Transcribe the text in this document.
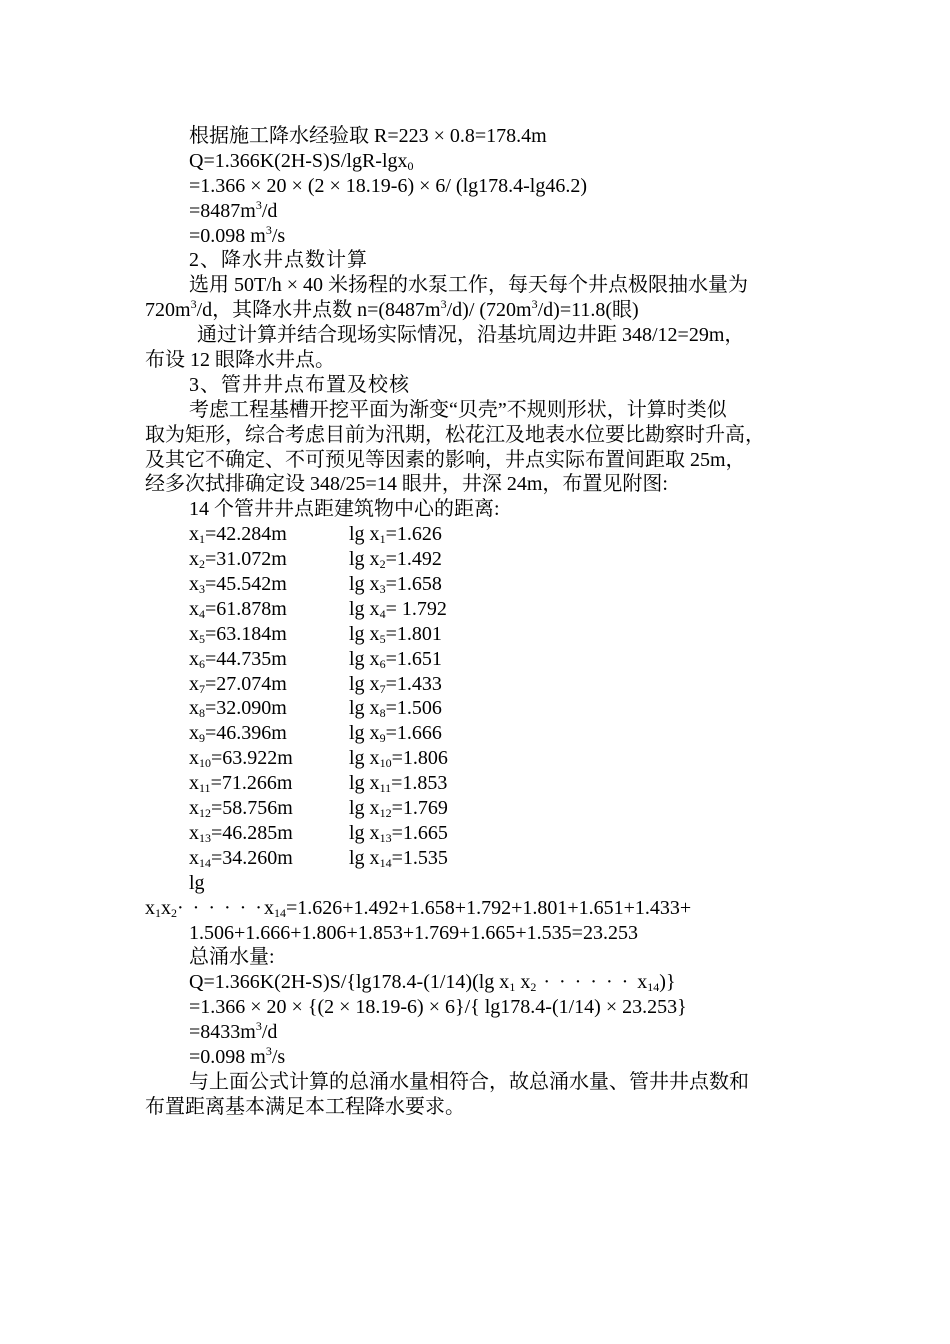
根据施工降水经验取 R=223 × 0.8=178.4m
Q=1.366K(2H-S)S/lgR-lgx$_0$
=1.366 × 20 × (2 × 18.19-6) × 6/ (lg178.4-lg46.2)
$=8487m^3/d$
=0.098 $m^3/s$
2、降水井点数计算
选用 50T/h × 40 米扬程的水泵工作，每天每个井点极限抽水量为
$720m^3/d$，其降水井点数 $n=(8487m^3/d)/$ $(720m^3/d)=11.8$(眼)
通过计算并结合现场实际情况，沿基坑周边井距 348/12=29m，
布设 12 眼降水井点。
3、管井井点布置及校核
考虑工程基槽开挖平面为渐变“贝壳”不规则形状，计算时类似
取为矩形，综合考虑目前为汛期，松花江及地表水位要比勘察时升高，
及其它不确定、不可预见等因素的影响，井点实际布置间距取 25m，
经多次拭排确定设 348/25=14 眼井，井深 24m，布置见附图:
14 个管井井点距建筑物中心的距离:
$x_1=42.284m$	$\lg x_1=1.626$
$x_2=31.072m$	$\lg x_2=1.492$
$x_3=45.542m$	$\lg x_3=1.658$
$x_4=61.878m$	$\lg x_4= 1.792$
$x_5=63.184m$	$\lg x_5=1.801$
$x_6=44.735m$	$\lg x_6=1.651$
$x_7=27.074m$	$\lg x_7=1.433$
$x_8=32.090m$	$\lg x_8=1.506$
$x_9=46.396m$	$\lg x_9=1.666$
$x_{10}=63.922m$	$\lg x_{10}=1.806$
$x_{11}=71.266m$	$\lg x_{11}=1.853$
$x_{12}=58.756m$	$\lg x_{12}=1.769$
$x_{13}=46.285m$	$\lg x_{13}=1.665$
$x_{14}=34.260m$	$\lg x_{14}=1.535$
lg
$x_1x_2\cdot$ · · · · $\cdot x_{14}=1.626+1.492+1.658+1.792+1.801+1.651+1.433+$
1.506+1.666+1.806+1.853+1.769+1.665+1.535=23.253
总涌水量:
Q=1.366K(2H-S)S/{lg178.4-(1/14)(lg $x_1$ $x_2$ · · · · · · $x_{14}$)}
=1.366 × 20 × {(2 × 18.19-6) × 6}/{ lg178.4-(1/14) × 23.253}
$=8433m^3/d$
=0.098 $m^3/s$
与上面公式计算的总涌水量相符合，故总涌水量、管井井点数和
布置距离基本满足本工程降水要求。
